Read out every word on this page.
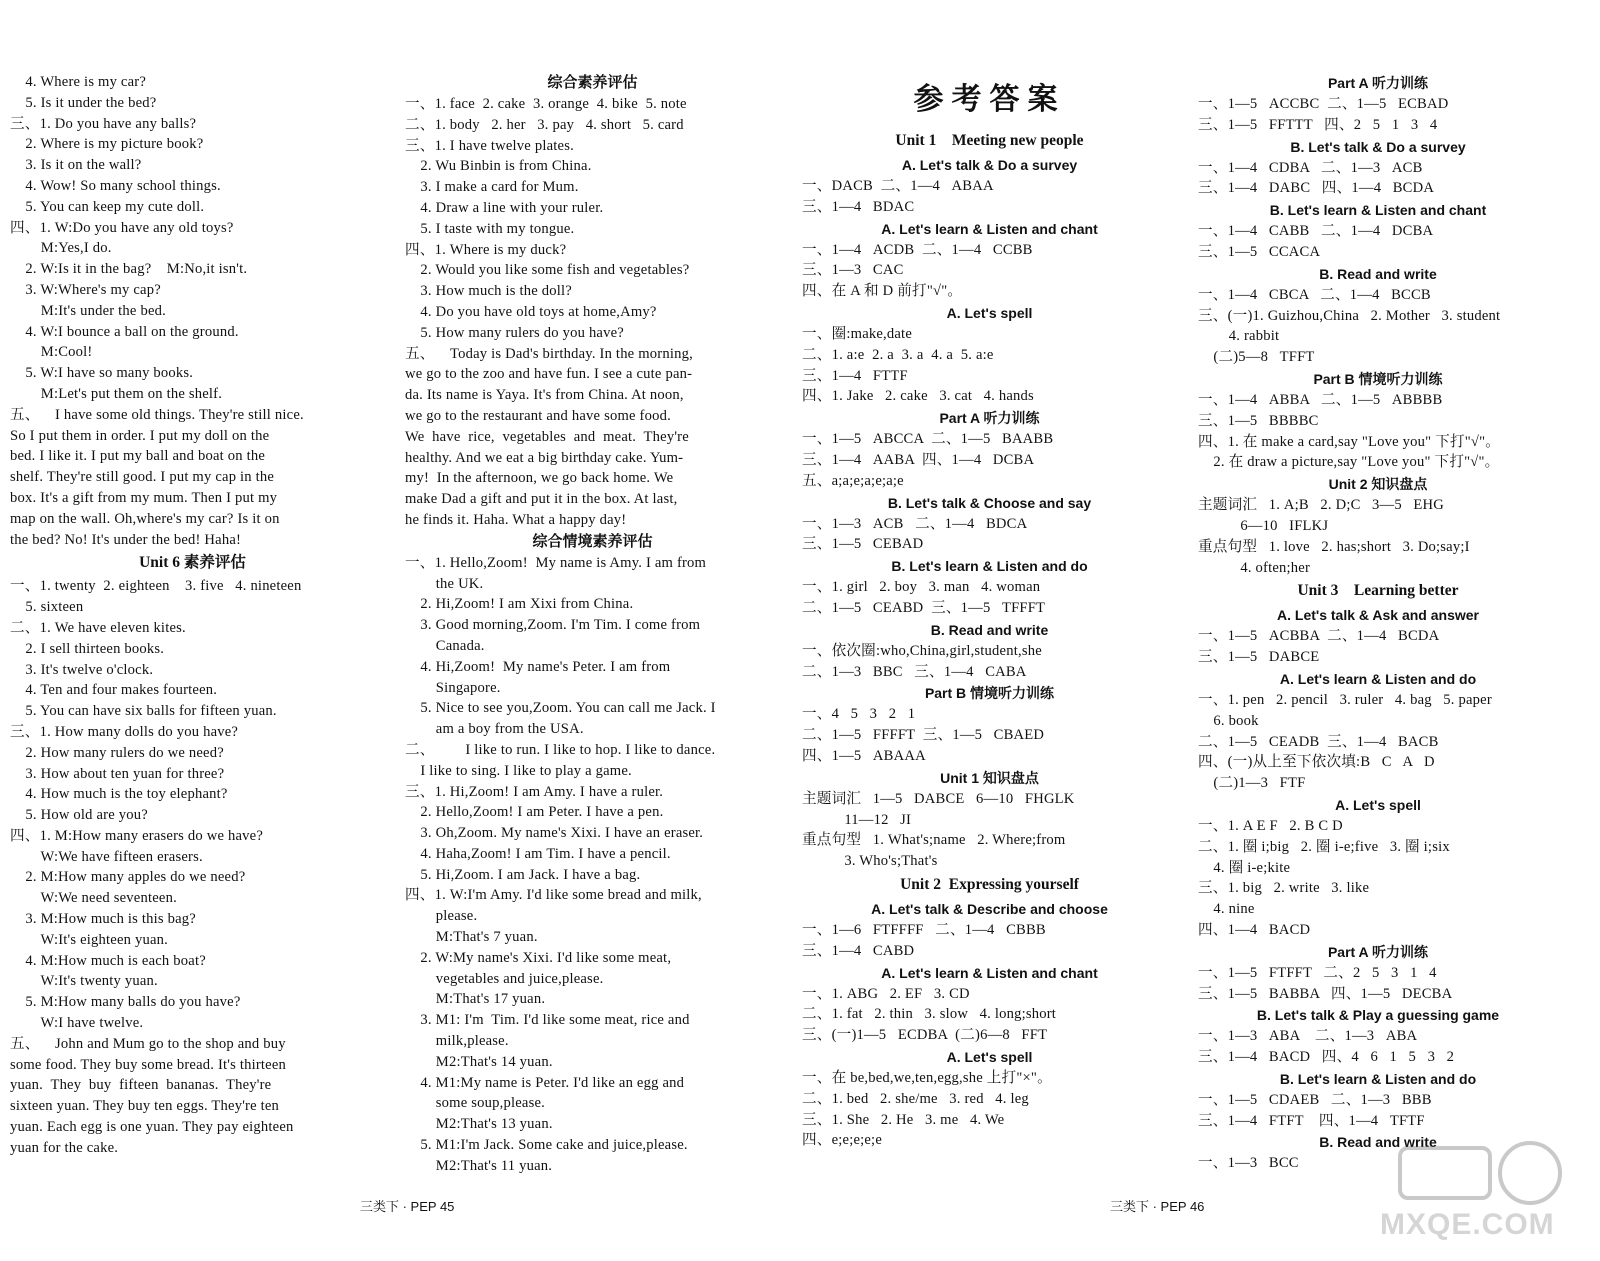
4. Where is my car?
5. Is it under the bed?
三、1. Do you have any balls?
2. Where is my picture book?
3. Is it on the wall?
4. Wow! So many school things.
5. You can keep my cute doll.
四、1. W:Do you have any old toys?
M:Yes,I do.
2. W:Is it in the bag?    M:No,it isn't.
3. W:Where's my cap?
M:It's under the bed.
4. W:I bounce a ball on the ground.
M:Cool!
5. W:I have so many books.
M:Let's put them on the shelf.
五、    I have some old things. They're still nice.
So I put them in order. I put my doll on the
bed. I like it. I put my ball and boat on the
shelf. They're still good. I put my cap in the
box. It's a gift from my mum. Then I put my
map on the wall. Oh,where's my car? Is it on
the bed? No! It's under the bed! Haha!
Unit 6 素养评估
一、1. twenty  2. eighteen    3. five   4. nineteen
5. sixteen
二、1. We have eleven kites.
2. I sell thirteen books.
3. It's twelve o'clock.
4. Ten and four makes fourteen.
5. You can have six balls for fifteen yuan.
三、1. How many dolls do you have?
2. How many rulers do we need?
3. How about ten yuan for three?
4. How much is the toy elephant?
5. How old are you?
四、1. M:How many erasers do we have?
W:We have fifteen erasers.
2. M:How many apples do we need?
W:We need seventeen.
3. M:How much is this bag?
W:It's eighteen yuan.
4. M:How much is each boat?
W:It's twenty yuan.
5. M:How many balls do you have?
W:I have twelve.
五、    John and Mum go to the shop and buy
some food. They buy some bread. It's thirteen
yuan.  They  buy  fifteen  bananas.  They're
sixteen yuan. They buy ten eggs. They're ten
yuan. Each egg is one yuan. They pay eighteen
yuan for the cake.
综合素养评估
一、1. face  2. cake  3. orange  4. bike  5. note
二、1. body   2. her   3. pay   4. short   5. card
三、1. I have twelve plates.
2. Wu Binbin is from China.
3. I make a card for Mum.
4. Draw a line with your ruler.
5. I taste with my tongue.
四、1. Where is my duck?
2. Would you like some fish and vegetables?
3. How much is the doll?
4. Do you have old toys at home,Amy?
5. How many rulers do you have?
五、    Today is Dad's birthday. In the morning,
we go to the zoo and have fun. I see a cute pan-
da. Its name is Yaya. It's from China. At noon,
we go to the restaurant and have some food.
We  have  rice,  vegetables  and  meat.  They're
healthy. And we eat a big birthday cake. Yum-
my!  In the afternoon, we go back home. We
make Dad a gift and put it in the box. At last,
he finds it. Haha. What a happy day!
综合情境素养评估
一、1. Hello,Zoom!  My name is Amy. I am from
the UK.
2. Hi,Zoom! I am Xixi from China.
3. Good morning,Zoom. I'm Tim. I come from
Canada.
4. Hi,Zoom!  My name's Peter. I am from
Singapore.
5. Nice to see you,Zoom. You can call me Jack. I
am a boy from the USA.
二、        I like to run. I like to hop. I like to dance.
I like to sing. I like to play a game.
三、1. Hi,Zoom! I am Amy. I have a ruler.
2. Hello,Zoom! I am Peter. I have a pen.
3. Oh,Zoom. My name's Xixi. I have an eraser.
4. Haha,Zoom! I am Tim. I have a pencil.
5. Hi,Zoom. I am Jack. I have a bag.
四、1. W:I'm Amy. I'd like some bread and milk,
please.
M:That's 7 yuan.
2. W:My name's Xixi. I'd like some meat,
vegetables and juice,please.
M:That's 17 yuan.
3. M1: I'm  Tim. I'd like some meat, rice and
milk,please.
M2:That's 14 yuan.
4. M1:My name is Peter. I'd like an egg and
some soup,please.
M2:That's 13 yuan.
5. M1:I'm Jack. Some cake and juice,please.
M2:That's 11 yuan.
参考答案
Unit 1    Meeting new people
A. Let's talk & Do a survey
一、DACB  二、1—4   ABAA
三、1—4   BDAC
A. Let's learn & Listen and chant
一、1—4   ACDB  二、1—4   CCBB
三、1—3   CAC
四、在 A 和 D 前打"√"。
A. Let's spell
一、圈:make,date
二、1. a:e  2. a  3. a  4. a  5. a:e
三、1—4   FTTF
四、1. Jake   2. cake   3. cat   4. hands
Part A 听力训练
一、1—5   ABCCA  二、1—5   BAABB
三、1—4   AABA  四、1—4   DCBA
五、a;a;e;a;e;a;e
B. Let's talk & Choose and say
一、1—3   ACB   二、1—4   BDCA
三、1—5   CEBAD
B. Let's learn & Listen and do
一、1. girl   2. boy   3. man   4. woman
二、1—5   CEABD  三、1—5   TFFFT
B. Read and write
一、依次圈:who,China,girl,student,she
二、1—3   BBC   三、1—4   CABA
Part B 情境听力训练
一、4   5   3   2   1
二、1—5   FFFFT  三、1—5   CBAED
四、1—5   ABAAA
Unit 1 知识盘点
主题词汇   1—5   DABCE   6—10   FHGLK
11—12   JI
重点句型   1. What's;name   2. Where;from
3. Who's;That's
Unit 2  Expressing yourself
A. Let's talk & Describe and choose
一、1—6   FTFFFF   二、1—4   CBBB
三、1—4   CABD
A. Let's learn & Listen and chant
一、1. ABG   2. EF   3. CD
二、1. fat   2. thin   3. slow   4. long;short
三、(一)1—5   ECDBA  (二)6—8   FFT
A. Let's spell
一、在 be,bed,we,ten,egg,she 上打"×"。
二、1. bed   2. she/me   3. red   4. leg
三、1. She   2. He   3. me   4. We
四、e;e;e;e;e
Part A 听力训练
一、1—5   ACCBC  二、1—5   ECBAD
三、1—5   FFTTT   四、2   5   1   3   4
B. Let's talk & Do a survey
一、1—4   CDBA   二、1—3   ACB
三、1—4   DABC   四、1—4   BCDA
B. Let's learn & Listen and chant
一、1—4   CABB   二、1—4   DCBA
三、1—5   CCACA
B. Read and write
一、1—4   CBCA   二、1—4   BCCB
三、(一)1. Guizhou,China   2. Mother   3. student
4. rabbit
(二)5—8   TFFT
Part B 情境听力训练
一、1—4   ABBA   二、1—5   ABBBB
三、1—5   BBBBC
四、1. 在 make a card,say "Love you" 下打"√"。
2. 在 draw a picture,say "Love you" 下打"√"。
Unit 2 知识盘点
主题词汇   1. A;B   2. D;C   3—5   EHG
6—10   IFLKJ
重点句型   1. love   2. has;short   3. Do;say;I
4. often;her
Unit 3    Learning better
A. Let's talk & Ask and answer
一、1—5   ACBBA  二、1—4   BCDA
三、1—5   DABCE
A. Let's learn & Listen and do
一、1. pen   2. pencil   3. ruler   4. bag   5. paper
6. book
二、1—5   CEADB  三、1—4   BACB
四、(一)从上至下依次填:B   C   A   D
(二)1—3   FTF
A. Let's spell
一、1. A E F   2. B C D
二、1. 圈 i;big   2. 圈 i-e;five   3. 圈 i;six
4. 圈 i-e;kite
三、1. big   2. write   3. like
4. nine
四、1—4   BACD
Part A 听力训练
一、1—5   FTFFT   二、2   5   3   1   4
三、1—5   BABBA   四、1—5   DECBA
B. Let's talk & Play a guessing game
一、1—3   ABA    二、1—3   ABA
三、1—4   BACD   四、4   6   1   5   3   2
B. Let's learn & Listen and do
一、1—5   CDAEB   二、1—3   BBB
三、1—4   FTFT    四、1—4   TFTF
B. Read and write
一、1—3   BCC
三类下 · PEP 45	三类下 · PEP 46
MXQE.COM
